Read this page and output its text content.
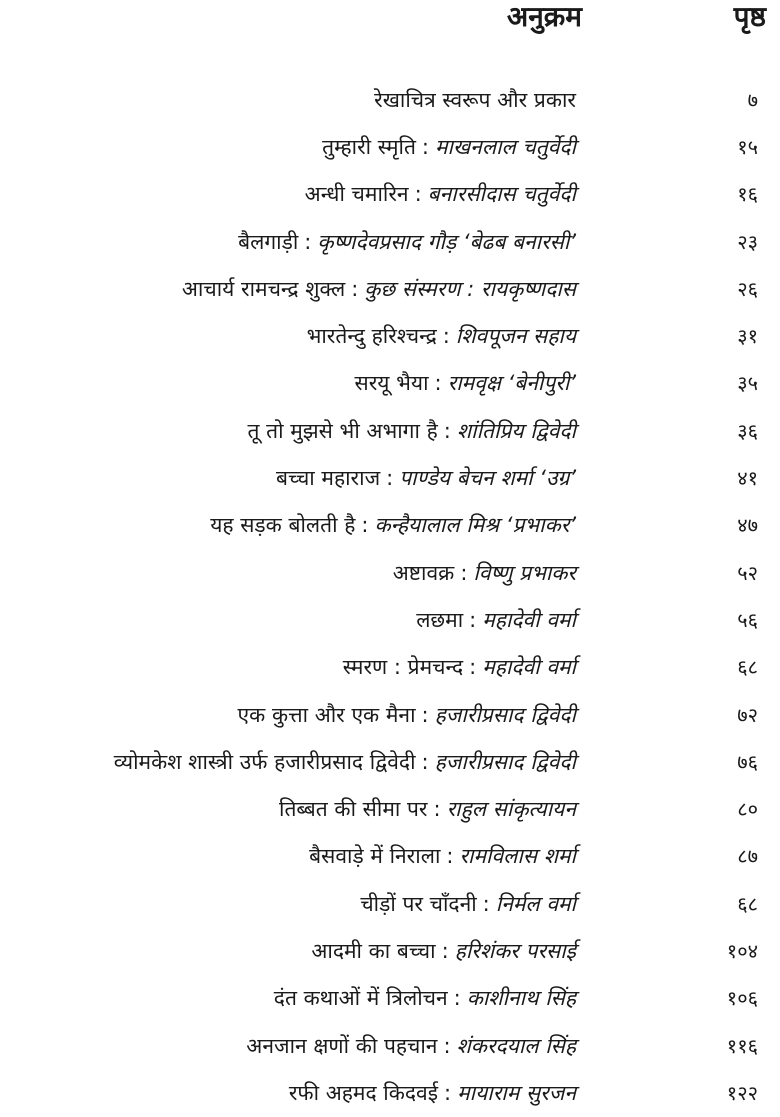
अनुक्रम	पृष्ठ
रेखाचित्र स्वरूप और प्रकार	७
तुम्हारी स्मृति : माखनलाल चतुर्वेदी	१५
अन्धी चमारिन : बनारसीदास चतुर्वेदी	१६
बैलगाड़ी : कृष्णदेवप्रसाद गौड़ ‘बेढब बनारसी’	२३
आचार्य रामचन्द्र शुक्ल : कुछ संस्मरण : रायकृष्णदास	२६
भारतेन्दु हरिश्चन्द्र : शिवपूजन सहाय	३१
सरयू भैया : रामवृक्ष ‘बेनीपुरी’	३५
तू तो मुझसे भी अभागा है : शांतिप्रिय द्विवेदी	३६
बच्चा महाराज : पाण्डेय बेचन शर्मा ‘उग्र’	४१
यह सड़क बोलती है : कन्हैयालाल मिश्र ‘प्रभाकर’	४७
अष्टावक्र : विष्णु प्रभाकर	५२
लछमा : महादेवी वर्मा	५६
स्मरण : प्रेमचन्द : महादेवी वर्मा	६८
एक कुत्ता और एक मैना : हजारीप्रसाद द्विवेदी	७२
व्योमकेश शास्त्री उर्फ हजारीप्रसाद द्विवेदी : हजारीप्रसाद द्विवेदी	७६
तिब्बत की सीमा पर : राहुल सांकृत्यायन	८०
बैसवाड़े में निराला : रामविलास शर्मा	८७
चीड़ों पर चाँदनी : निर्मल वर्मा	६८
आदमी का बच्चा : हरिशंकर परसाई	१०४
दंत कथाओं में त्रिलोचन : काशीनाथ सिंह	१०६
अनजान क्षणों की पहचान : शंकरदयाल सिंह	११६
रफी अहमद किदवई : मायाराम सुरजन	१२२
